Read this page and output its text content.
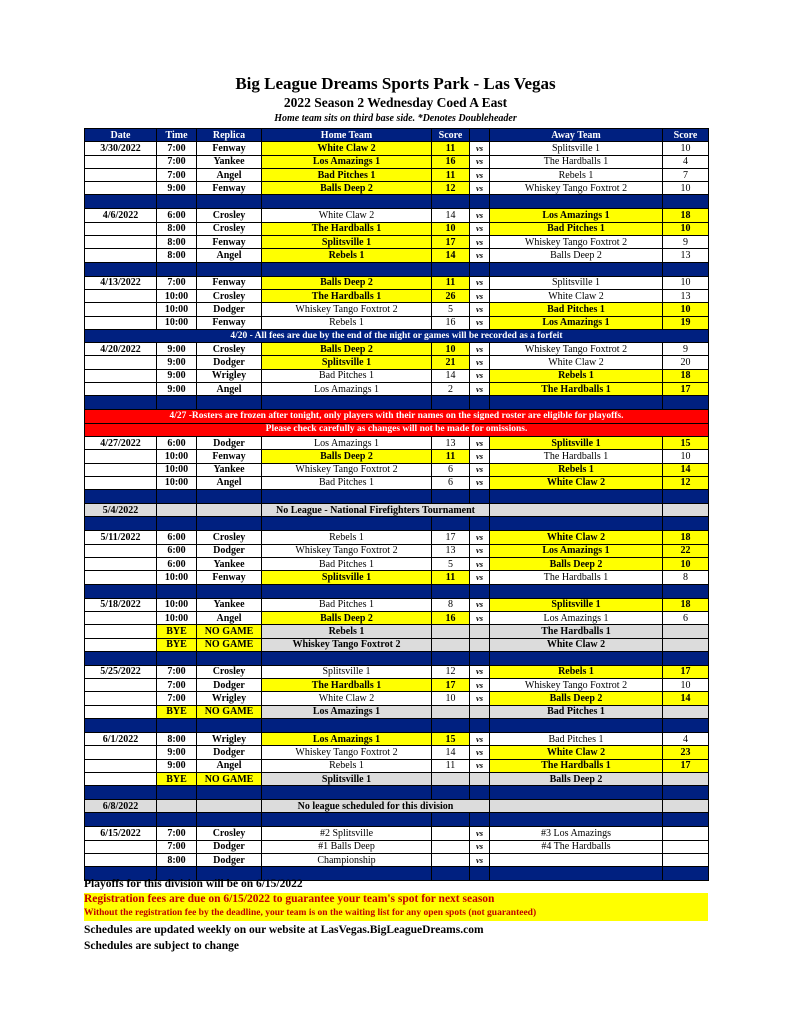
Big League Dreams Sports Park - Las Vegas
2022 Season 2 Wednesday Coed A East
Home team sits on third base side. *Denotes Doubleheader
Date	Time	Replica	Home Team	Score		Away Team	Score
3/30/2022	7:00	Fenway	White Claw 2	11	vs	Splitsville 1	10
	7:00	Yankee	Los Amazings 1	16	vs	The Hardballs 1	4
	7:00	Angel	Bad Pitches 1	11	vs	Rebels 1	7
	9:00	Fenway	Balls Deep 2	12	vs	Whiskey Tango Foxtrot 2	10

4/6/2022	6:00	Crosley	White Claw 2	14	vs	Los Amazings 1	18
	8:00	Crosley	The Hardballs 1	10	vs	Bad Pitches 1	10
	8:00	Fenway	Splitsville 1	17	vs	Whiskey Tango Foxtrot 2	9
	8:00	Angel	Rebels 1	14	vs	Balls Deep 2	13

4/13/2022	7:00	Fenway	Balls Deep 2	11	vs	Splitsville 1	10
	10:00	Crosley	The Hardballs 1	26	vs	White Claw 2	13
	10:00	Dodger	Whiskey Tango Foxtrot 2	5	vs	Bad Pitches 1	10
	10:00	Fenway	Rebels 1	16	vs	Los Amazings 1	19
4/20 - All fees are due by the end of the night or games will be recorded as a forfeit							
4/20/2022	9:00	Crosley	Balls Deep 2	10	vs	Whiskey Tango Foxtrot 2	9
	9:00	Dodger	Splitsville 1	21	vs	White Claw 2	20
	9:00	Wrigley	Bad Pitches 1	14	vs	Rebels 1	18
	9:00	Angel	Los Amazings 1	2	vs	The Hardballs 1	17

4/27 -Rosters are frozen after tonight, only players with their names on the signed roster are eligible for playoffs.							
Please check carefully as changes will not be made for omissions.							
4/27/2022	6:00	Dodger	Los Amazings 1	13	vs	Splitsville 1	15
	10:00	Fenway	Balls Deep 2	11	vs	The Hardballs 1	10
	10:00	Yankee	Whiskey Tango Foxtrot 2	6	vs	Rebels 1	14
	10:00	Angel	Bad Pitches 1	6	vs	White Claw 2	12

5/4/2022			No League - National Firefighters Tournament				

5/11/2022	6:00	Crosley	Rebels 1	17	vs	White Claw 2	18
	6:00	Dodger	Whiskey Tango Foxtrot 2	13	vs	Los Amazings 1	22
	6:00	Yankee	Bad Pitches 1	5	vs	Balls Deep 2	10
	10:00	Fenway	Splitsville 1	11	vs	The Hardballs 1	8

5/18/2022	10:00	Yankee	Bad Pitches 1	8	vs	Splitsville 1	18
	10:00	Angel	Balls Deep 2	16	vs	Los Amazings 1	6
	BYE	NO GAME	Rebels 1			The Hardballs 1	
	BYE	NO GAME	Whiskey Tango Foxtrot 2			White Claw 2	

5/25/2022	7:00	Crosley	Splitsville 1	12	vs	Rebels 1	17
	7:00	Dodger	The Hardballs 1	17	vs	Whiskey Tango Foxtrot 2	10
	7:00	Wrigley	White Claw 2	10	vs	Balls Deep 2	14
	BYE	NO GAME	Los Amazings 1			Bad Pitches 1	

6/1/2022	8:00	Wrigley	Los Amazings 1	15	vs	Bad Pitches 1	4
	9:00	Dodger	Whiskey Tango Foxtrot 2	14	vs	White Claw 2	23
	9:00	Angel	Rebels 1	11	vs	The Hardballs 1	17
	BYE	NO GAME	Splitsville 1			Balls Deep 2	

6/8/2022			No league scheduled for this division				

6/15/2022	7:00	Crosley	#2 Splitsville		vs	#3 Los Amazings	
	7:00	Dodger	#1 Balls Deep		vs	#4 The Hardballs	
	8:00	Dodger	Championship		vs		

Playoffs for this division will be on 6/15/2022
Registration fees are due on 6/15/2022 to guarantee your team's spot for next season
Without the registration fee by the deadline, your team is on the waiting list for any open spots (not guaranteed)
Schedules are updated weekly on our website at LasVegas.BigLeagueDreams.com
Schedules are subject to change
